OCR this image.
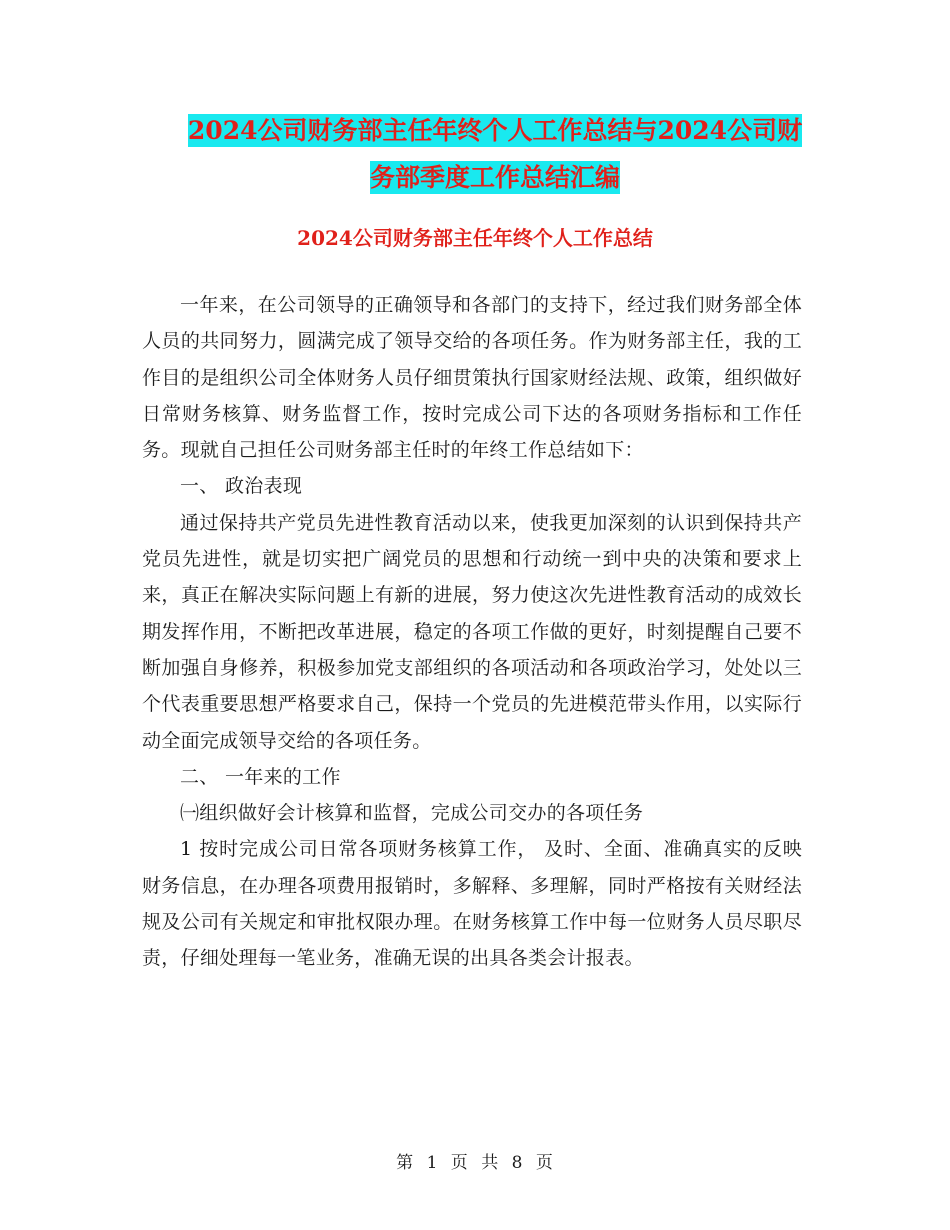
2024公司财务部主任年终个人工作总结与2024公司财
务部季度工作总结汇编
2024公司财务部主任年终个人工作总结

一年来，在公司领导的正确领导和各部门的支持下，经过我们财务部全体人员的共同努力，圆满完成了领导交给的各项任务。作为财务部主任，我的工作目的是组织公司全体财务人员仔细贯策执行国家财经法规、政策，组织做好日常财务核算、财务监督工作，按时完成公司下达的各项财务指标和工作任务。现就自己担任公司财务部主任时的年终工作总结如下：

一、 政治表现

通过保持共产党员先进性教育活动以来，使我更加深刻的认识到保持共产党员先进性，就是切实把广阔党员的思想和行动统一到中央的决策和要求上来，真正在解决实际问题上有新的进展，努力使这次先进性教育活动的成效长期发挥作用，不断把改革进展，稳定的各项工作做的更好，时刻提醒自己要不断加强自身修养，积极参加党支部组织的各项活动和各项政治学习，处处以三个代表重要思想严格要求自己，保持一个党员的先进模范带头作用，以实际行动全面完成领导交给的各项任务。

二、 一年来的工作

㈠组织做好会计核算和监督，完成公司交办的各项任务

1 按时完成公司日常各项财务核算工作， 及时、全面、准确真实的反映财务信息，在办理各项费用报销时，多解释、多理解，同时严格按有关财经法规及公司有关规定和审批权限办理。在财务核算工作中每一位财务人员尽职尽责，仔细处理每一笔业务，准确无误的出具各类会计报表。

第 1 页 共 8 页
